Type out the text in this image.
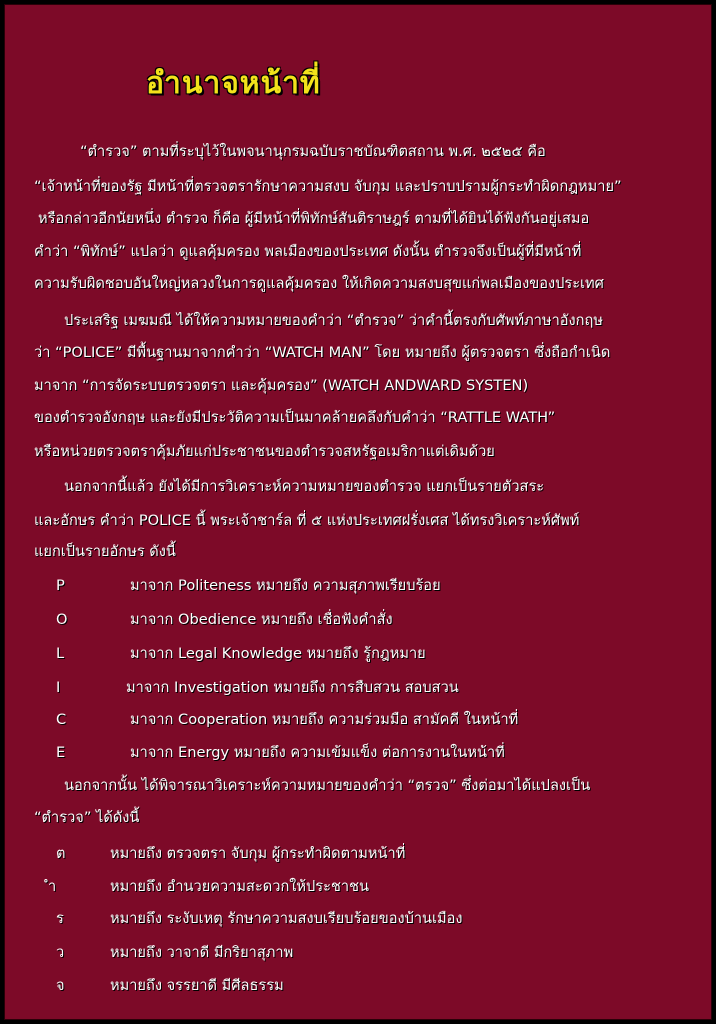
อำนาจหน้าที่
“ตำรวจ” ตามที่ระบุไว้ในพจนานุกรมฉบับราชบัณฑิตสถาน พ.ศ. ๒๕๒๕ คือ
“เจ้าหน้าที่ของรัฐ มีหน้าที่ตรวจตรารักษาความสงบ จับกุม และปราบปรามผู้กระทำผิดกฎหมาย”
หรือกล่าวอีกนัยหนึ่ง ตำรวจ ก็คือ ผู้มีหน้าที่พิทักษ์สันติราษฎร์ ตามที่ได้ยินได้ฟังกันอยู่เสมอ
คำว่า “พิทักษ์” แปลว่า ดูแลคุ้มครอง พลเมืองของประเทศ ดังนั้น ตำรวจจึงเป็นผู้ที่มีหน้าที่
ความรับผิดชอบอันใหญ่หลวงในการดูแลคุ้มครอง ให้เกิดความสงบสุขแก่พลเมืองของประเทศ
ประเสริฐ เมฆมณี ได้ให้ความหมายของคำว่า “ตำรวจ” ว่าคำนี้ตรงกับศัพท์ภาษาอังกฤษ
ว่า “POLICE” มีพื้นฐานมาจากคำว่า “WATCH MAN” โดย หมายถึง ผู้ตรวจตรา ซึ่งถือกำเนิด
มาจาก “การจัดระบบตรวจตรา และคุ้มครอง” (WATCH ANDWARD SYSTEN)
ของตำรวจอังกฤษ และยังมีประวัติความเป็นมาคล้ายคลึงกับคำว่า “RATTLE WATH”
หรือหน่วยตรวจตราคุ้มภัยแก่ประชาชนของตำรวจสหรัฐอเมริกาแต่เดิมด้วย
นอกจากนี้แล้ว ยังได้มีการวิเคราะห์ความหมายของตำรวจ แยกเป็นรายตัวสระ
และอักษร คำว่า POLICE นี้ พระเจ้าชาร์ล ที่ ๕ แห่งประเทศฝรั่งเศส ได้ทรงวิเคราะห์ศัพท์
แยกเป็นรายอักษร ดังนี้
P	มาจาก Politeness หมายถึง ความสุภาพเรียบร้อย
O	มาจาก Obedience หมายถึง เชื่อฟังคำสั่ง
L	มาจาก Legal Knowledge หมายถึง รู้กฎหมาย
I	มาจาก Investigation หมายถึง การสืบสวน สอบสวน
C	มาจาก Cooperation หมายถึง ความร่วมมือ สามัคคี ในหน้าที่
E	มาจาก Energy หมายถึง ความเข้มแข็ง ต่อการงานในหน้าที่
นอกจากนั้น ได้พิจารณาวิเคราะห์ความหมายของคำว่า “ตรวจ” ซึ่งต่อมาได้แปลงเป็น
“ตำรวจ” ได้ดังนี้
ต	หมายถึง ตรวจตรา จับกุม ผู้กระทำผิดตามหน้าที่
ำ	หมายถึง อำนวยความสะดวกให้ประชาชน
ร	หมายถึง ระงับเหตุ รักษาความสงบเรียบร้อยของบ้านเมือง
ว	หมายถึง วาจาดี มีกริยาสุภาพ
จ	หมายถึง จรรยาดี มีศีลธรรม
